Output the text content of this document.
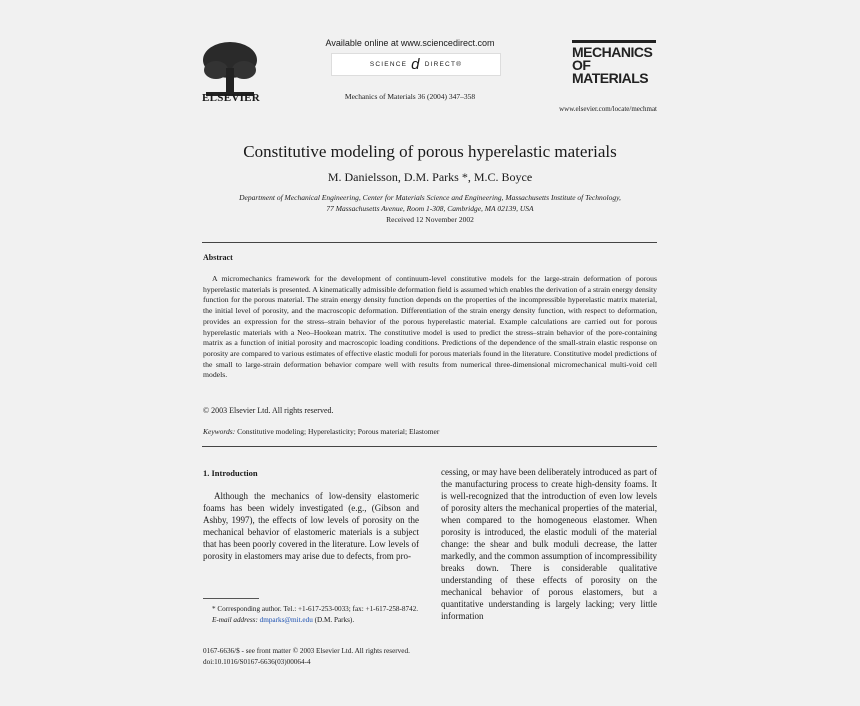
ELSEVIER
Available online at www.sciencedirect.com
SCIENCE d DIRECT®
Mechanics of Materials 36 (2004) 347–358
MECHANICS
OF
MATERIALS
www.elsevier.com/locate/mechmat
Constitutive modeling of porous hyperelastic materials
M. Danielsson, D.M. Parks *, M.C. Boyce
Department of Mechanical Engineering, Center for Materials Science and Engineering, Massachusetts Institute of Technology,
77 Massachusetts Avenue, Room 1-308, Cambridge, MA 02139, USA
Received 12 November 2002
Abstract
A micromechanics framework for the development of continuum-level constitutive models for the large-strain deformation of porous hyperelastic materials is presented. A kinematically admissible deformation field is assumed which enables the derivation of a strain energy density function for the porous material. The strain energy density function depends on the properties of the incompressible hyperelastic matrix material, the initial level of porosity, and the macroscopic deformation. Differentiation of the strain energy density function, with respect to deformation, provides an expression for the stress–strain behavior of the porous hyperelastic material. Example calculations are carried out for porous hyperelastic materials with a Neo–Hookean matrix. The constitutive model is used to predict the stress–strain behavior of the pore-containing matrix as a function of initial porosity and macroscopic loading conditions. Predictions of the dependence of the small-strain elastic response on porosity are compared to various estimates of effective elastic moduli for porous materials found in the literature. Constitutive model predictions of the small to large-strain deformation behavior compare well with results from numerical three-dimensional micromechanical multi-void cell models.
© 2003 Elsevier Ltd. All rights reserved.
Keywords: Constitutive modeling; Hyperelasticity; Porous material; Elastomer
1. Introduction
Although the mechanics of low-density elastomeric foams has been widely investigated (e.g., (Gibson and Ashby, 1997), the effects of low levels of porosity on the mechanical behavior of elastomeric materials is a subject that has been poorly covered in the literature. Low levels of porosity in elastomers may arise due to defects, from pro-
cessing, or may have been deliberately introduced as part of the manufacturing process to create high-density foams. It is well-recognized that the introduction of even low levels of porosity alters the mechanical properties of the material, when compared to the homogeneous elastomer. When porosity is introduced, the elastic moduli of the material change: the shear and bulk moduli decrease, the latter markedly, and the common assumption of incompressibility breaks down. There is considerable qualitative understanding of these effects of porosity on the mechanical behavior of porous elastomers, but a quantitative understanding is largely lacking; very little information
* Corresponding author. Tel.: +1-617-253-0033; fax: +1-617-258-8742.
E-mail address: dmparks@mit.edu (D.M. Parks).
0167-6636/$ - see front matter © 2003 Elsevier Ltd. All rights reserved.
doi:10.1016/S0167-6636(03)00064-4
